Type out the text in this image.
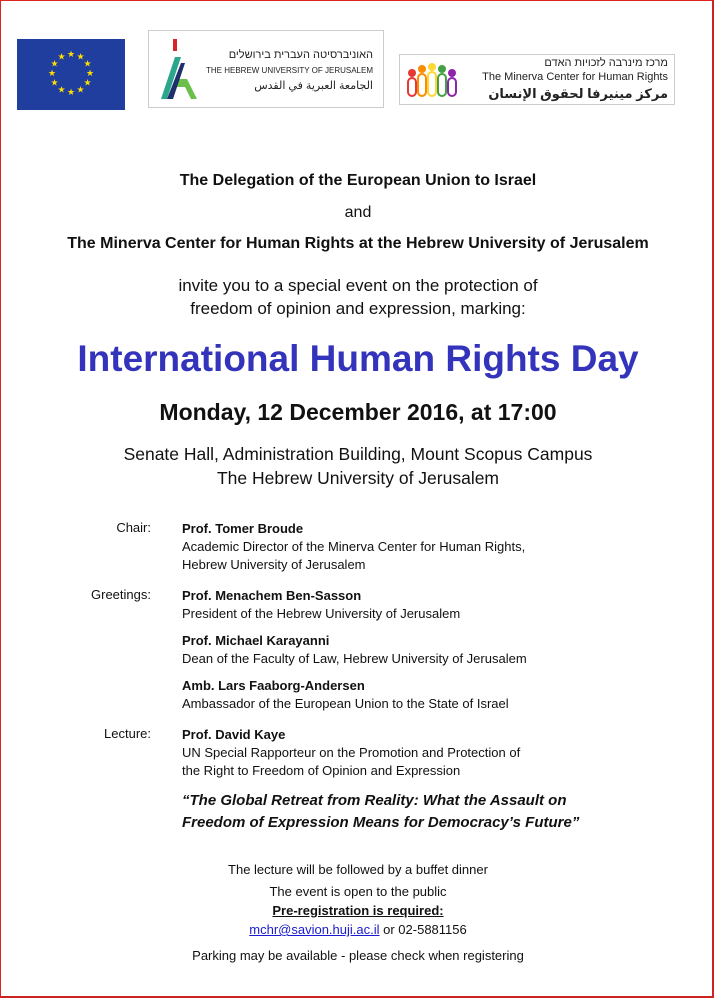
★ ★
★
★
★
★
★
★
★
★
★
★	האוניברסיטה העברית בירושלים
THE HEBREW UNIVERSITY OF JERUSALEM
الجامعة العبرية في القدس
מרכז מינרבה לזכויות האדם
The Minerva Center for Human Rights
مركز مينيرفا لحقوق الإنسان
The Delegation of the European Union to Israel
and
The Minerva Center for Human Rights at the Hebrew University of Jerusalem
invite you to a special event on the protection of
freedom of opinion and expression, marking:
International Human Rights Day
Monday, 12 December 2016, at 17:00
Senate Hall, Administration Building, Mount Scopus Campus
The Hebrew University of Jerusalem
Chair: Prof. Tomer Broude
Academic Director of the Minerva Center for Human Rights,
Hebrew University of Jerusalem
Greetings: Prof. Menachem Ben-Sasson
President of the Hebrew University of Jerusalem
Prof. Michael Karayanni
Dean of the Faculty of Law, Hebrew University of Jerusalem
Amb. Lars Faaborg-Andersen
Ambassador of the European Union to the State of Israel
Lecture: Prof. David Kaye
UN Special Rapporteur on the Promotion and Protection of
the Right to Freedom of Opinion and Expression
“The Global Retreat from Reality: What the Assault on
Freedom of Expression Means for Democracy’s Future”
The lecture will be followed by a buffet dinner
The event is open to the public
Pre-registration is required:
mchr@savion.huji.ac.il or 02-5881156
Parking may be available - please check when registering
